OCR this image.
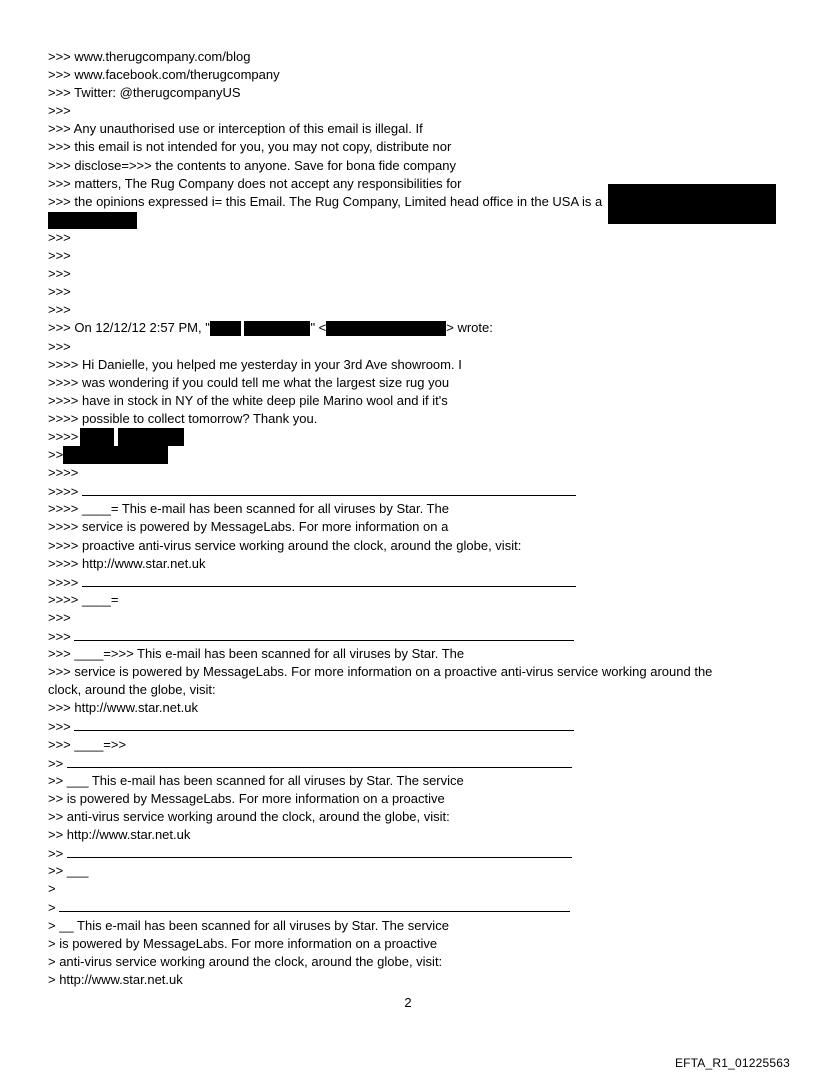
>>> www.therugcompany.com/blog
>>> www.facebook.com/therugcompany
>>> Twitter: @therugcompanyUS
>>>
>>> Any unauthorised use or interception of this email is illegal. If
>>> this email is not intended for you, you may not copy, distribute nor
>>> disclose=>>> the contents to anyone. Save for bona fide company
>>> matters, The Rug Company does not accept any responsibilities for
>>> the opinions expressed i= this Email. The Rug Company, Limited head office in the USA is a
>>>
>>>
>>>
>>>
>>>
>>> On 12/12/12 2:57 PM, "	" <	> wrote:
>>>
>>>> Hi Danielle, you helped me yesterday in your 3rd Ave showroom. I
>>>> was wondering if you could tell me what the largest size rug you
>>>> have in stock in NY of the white deep pile Marino wool and if it's
>>>> possible to collect tomorrow? Thank you.
>>>>
>>
>>>>
>>>>
>>>> ____= This e-mail has been scanned for all viruses by Star. The
>>>> service is powered by MessageLabs. For more information on a
>>>> proactive anti-virus service working around the clock, around the globe, visit:
>>>> http://www.star.net.uk
>>>>
>>>> ____=
>>>
>>>
>>> ____=>>> This e-mail has been scanned for all viruses by Star. The
>>> service is powered by MessageLabs. For more information on a proactive anti-virus service working around the
clock, around the globe, visit:
>>> http://www.star.net.uk
>>>
>>> ____=>>
>>
>> ___ This e-mail has been scanned for all viruses by Star. The service
>> is powered by MessageLabs. For more information on a proactive
>> anti-virus service working around the clock, around the globe, visit:
>> http://www.star.net.uk
>>
>> ___
>
>
> __ This e-mail has been scanned for all viruses by Star. The service
> is powered by MessageLabs. For more information on a proactive
> anti-virus service working around the clock, around the globe, visit:
> http://www.star.net.uk
2
EFTA_R1_01225563
